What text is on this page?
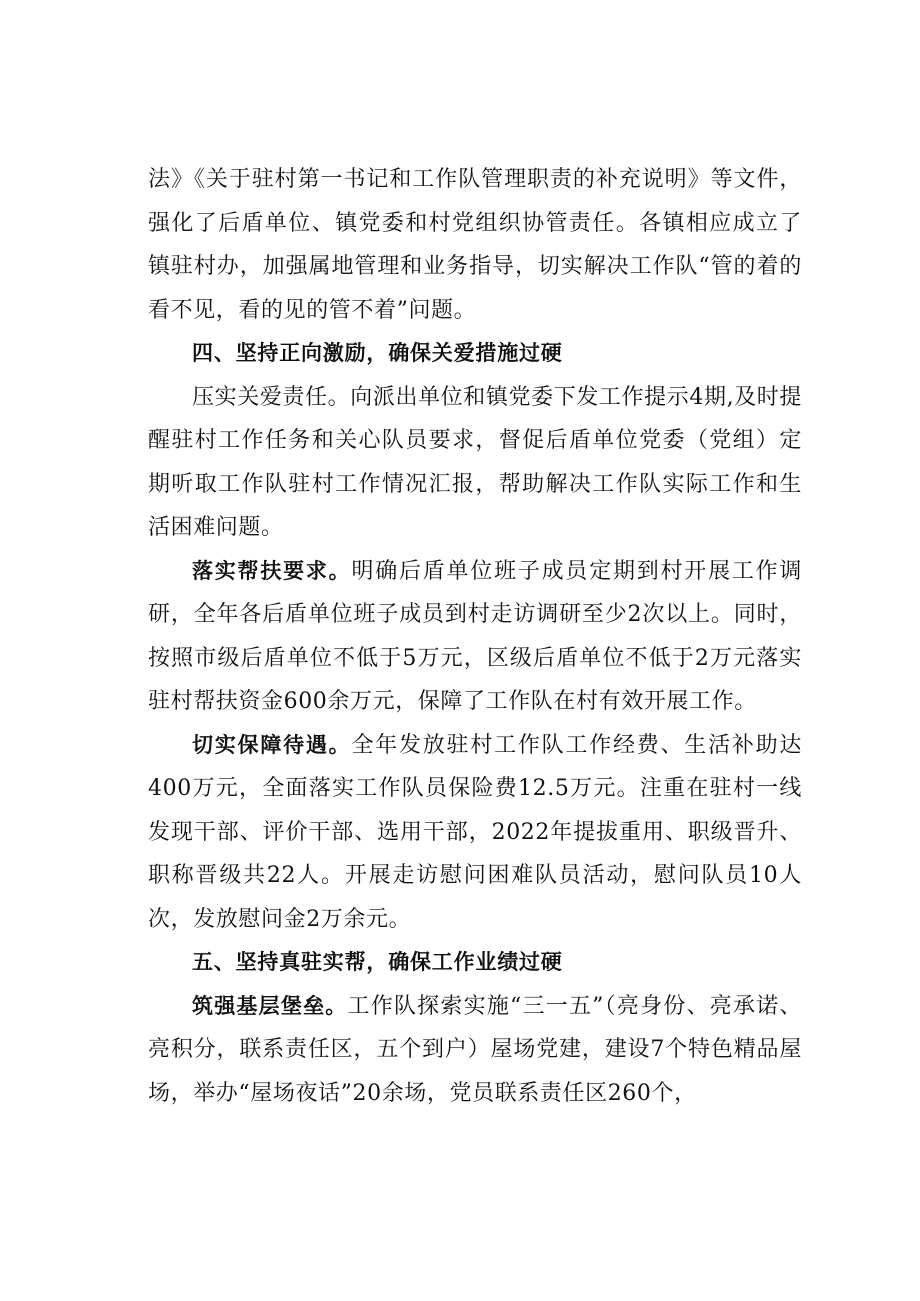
法》《关于驻村第一书记和工作队管理职责的补充说明》等文件，强化了后盾单位、镇党委和村党组织协管责任。各镇相应成立了镇驻村办，加强属地管理和业务指导，切实解决工作队“管的着的看不见，看的见的管不着”问题。

四、坚持正向激励，确保关爱措施过硬

压实关爱责任。向派出单位和镇党委下发工作提示4期,及时提醒驻村工作任务和关心队员要求，督促后盾单位党委（党组）定期听取工作队驻村工作情况汇报，帮助解决工作队实际工作和生活困难问题。

落实帮扶要求。明确后盾单位班子成员定期到村开展工作调研，全年各后盾单位班子成员到村走访调研至少2次以上。同时，按照市级后盾单位不低于5万元，区级后盾单位不低于2万元落实驻村帮扶资金600余万元，保障了工作队在村有效开展工作。

切实保障待遇。全年发放驻村工作队工作经费、生活补助达400万元，全面落实工作队员保险费12.5万元。注重在驻村一线发现干部、评价干部、选用干部，2022年提拔重用、职级晋升、职称晋级共22人。开展走访慰问困难队员活动，慰问队员10人次，发放慰问金2万余元。

五、坚持真驻实帮，确保工作业绩过硬

筑强基层堡垒。工作队探索实施“三一五”（亮身份、亮承诺、亮积分，联系责任区，五个到户）屋场党建，建设7个特色精品屋场，举办“屋场夜话”20余场，党员联系责任区260个，
